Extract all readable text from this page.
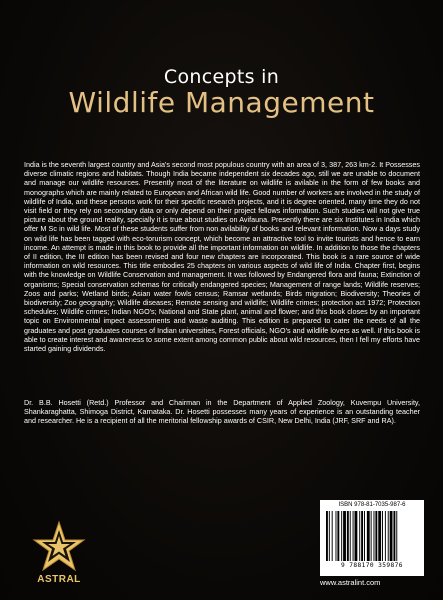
Concepts in
Wildlife Management

India is the seventh largest country and Asia's second most populous country with an area of 3, 387, 263 km-2. It Possesses diverse climatic regions and habitats. Though India became independent six decades ago, still we are unable to document and manage our wildlife resources. Presently most of the literature on wildlife is avilable in the form of few books and monographs which are mainly related to European and African wild life. Good number of workers are involved in the study of wildlife of India, and these persons work for their specific research projects, and it is degree oriented, many time they do not visit field or they rely on secondary data or only depend on their project fellows information. Such studies will not give true picture about the ground reality, specially it is true about studies on Avifauna. Presently there are six Institutes in India which offer M Sc in wild life. Most of these students suffer from non avilability of books and relevant information. Now a days study on wild life has been tagged with eco-torurism concept, which become an attractive tool to invite tourists and hence to earn income. An attempt is made in this book to provide all the important information on wildlife. In addition to those the chapters of II edition, the III edition has been revised and four new chapters are incorporated. This book is a rare source of wide information on wild resources. This title embodies 25 chapters on various aspects of wild life of India. Chapter first, begins with the knowledge on Wildlife Conservation and management. It was followed by Endangered flora and fauna; Extinction of organisms; Special conservation schemas for critically endangered species; Management of range lands; Wildlife reserves; Zoos and parks; Wetland birds; Asian water fowls census; Ramsar wetlands; Birds migration; Biodiversity; Theories of biodiversity; Zoo geography; Wildlife diseases; Remote sensing and wildlife; Wildlife crimes; protection act 1972; Protection schedules; Wildlife crimes; Indian NGO's; National and State plant, animal and flower; and this book closes by an important topic on Environmental impect assessments and waste auditing. This edition is prepared to cater the needs of all the graduates and post graduates courses of Indian universities, Forest officials, NGO's and wildlife lovers as well. If this book is able to create interest and awareness to some extent among common public about wild resources, then I fell my efforts have started gaining dividends.

Dr. B.B. Hosetti (Retd.) Professor and Chairman in the Department of Applied Zoology, Kuvempu University, Shankaraghatta, Shimoga District, Karnataka. Dr. Hosetti possesses many years of experience is an outstanding teacher and researcher. He is a recipient of all the meritorial fellowship awards of CSIR, New Delhi, India (JRF, SRF and RA).

ASTRAL

ISBN 978-81-7035-987-6

9 788170 359876

www.astralint.com
